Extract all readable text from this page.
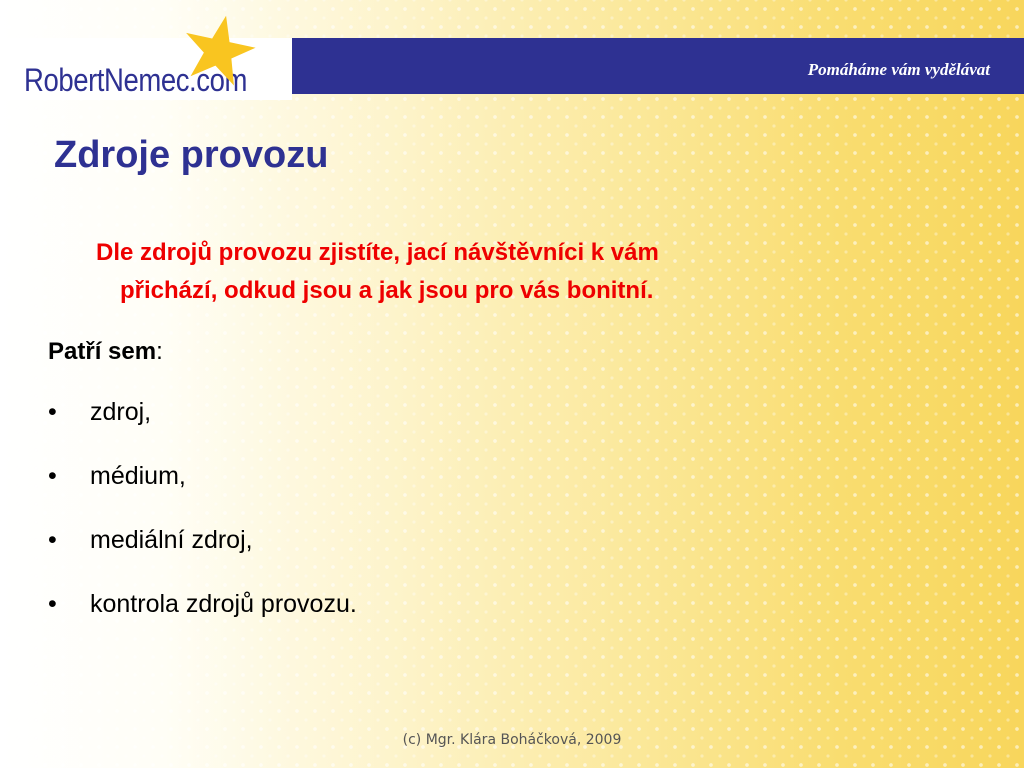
RobertNemec.com	Pomáháme vám vydělávat
Zdroje provozu
Dle zdrojů provozu zjistíte, jací návštěvníci k vám
přichází, odkud jsou a jak jsou pro vás bonitní.
Patří sem:
• zdroj,
• médium,
• mediální zdroj,
• kontrola zdrojů provozu.
(c) Mgr. Klára Boháčková, 2009
